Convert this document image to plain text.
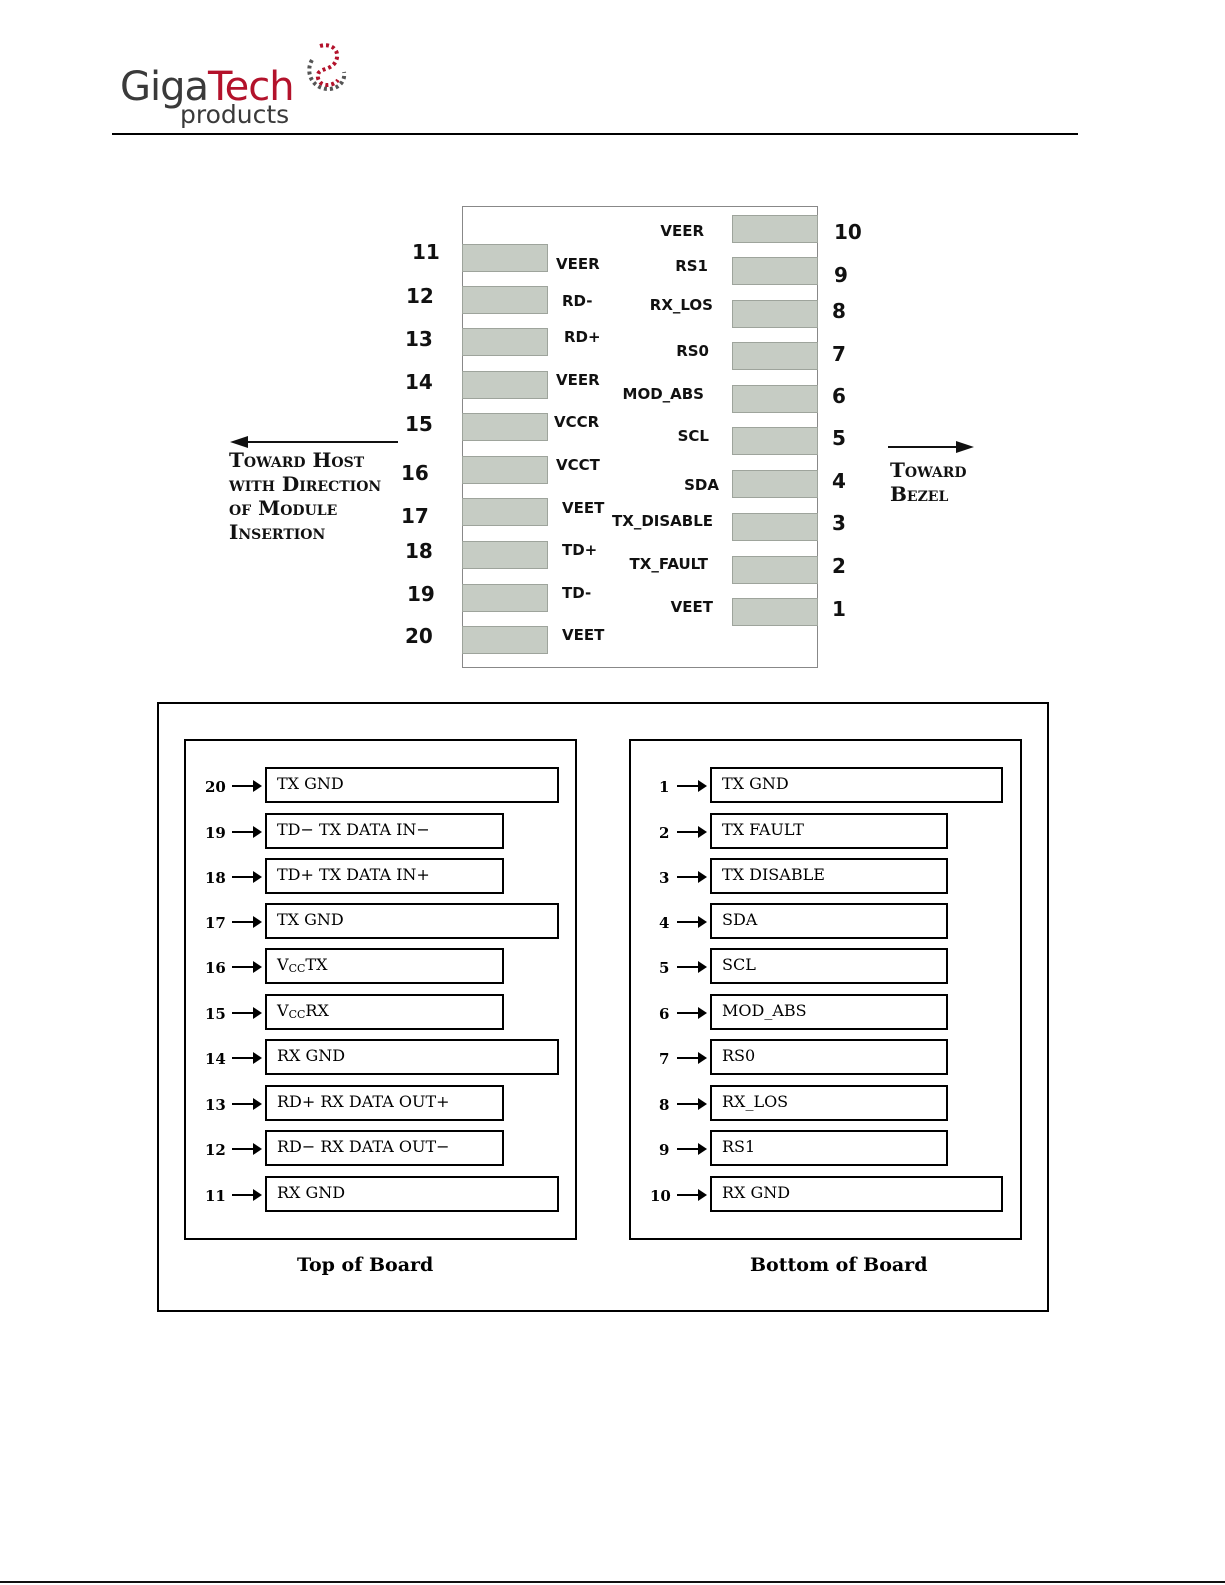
GigaTech
products
11
12
13
14
15
16
17
18
19
20
10
9
8
7
6
5
4
3
2
1
VEER
RD-
RD+
VEER
VCCR
VCCT
VEET
TD+
TD-
VEET
VEER
RS1
RX_LOS
RS0
MOD_ABS
SCL
SDA
TX_DISABLE
TX_FAULT
VEET
Toward Host
with Direction
of Module
Insertion
Toward
Bezel
20	TX GND
19	TD− TX DATA IN−
18	TD+ TX DATA IN+
17	TX GND
16	$V_{CC}TX$
15	$V_{CC}RX$
14	RX GND
13	RD+ RX DATA OUT+
12	RD− RX DATA OUT−
11	RX GND
1	TX GND
2	TX FAULT
3	TX DISABLE
4	SDA
5	SCL
6	MOD_ABS
7	RS0
8	RX_LOS
9	RS1
10	RX GND
Top of Board	Bottom of Board
